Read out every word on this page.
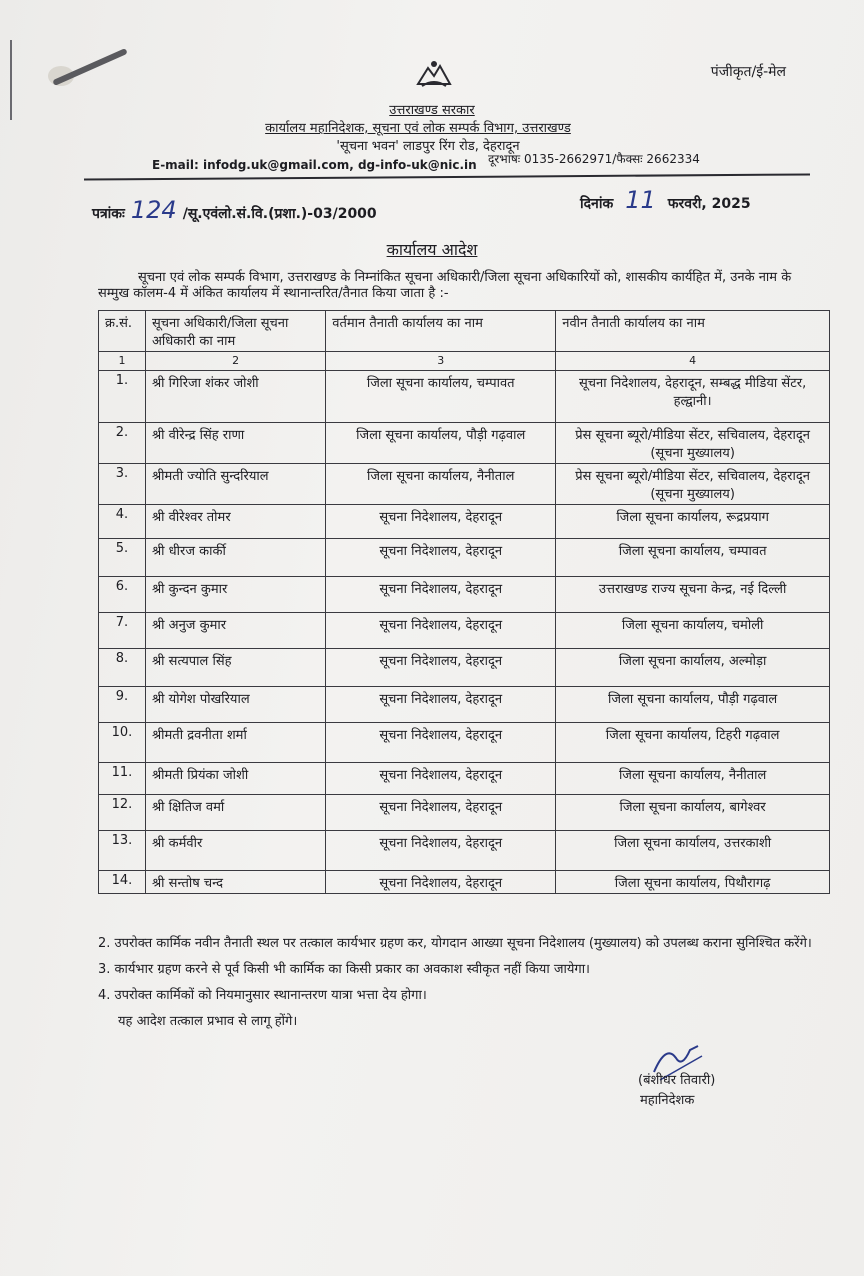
पंजीकृत/ई-मेल
उत्तराखण्ड सरकार
कार्यालय महानिदेशक, सूचना एवं लोक सम्पर्क विभाग, उत्तराखण्ड
'सूचना भवन' लाडपुर रिंग रोड, देहरादून
E-mail: infodg.uk@gmail.com, dg-info-uk@nic.in दूरभाषः 0135-2662971/फैक्सः 2662334
पत्रांकः 124 /सू.एवंलो.सं.वि.(प्रशा.)-03/2000
दिनांक 11 फरवरी, 2025
कार्यालय आदेश
सूचना एवं लोक सम्पर्क विभाग, उत्तराखण्ड के निम्नांकित सूचना अधिकारी/जिला सूचना अधिकारियों को, शासकीय कार्यहित में, उनके नाम के सम्मुख कॉलम-4 में अंकित कार्यालय में स्थानान्तरित/तैनात किया जाता है :-
क्र.सं.	सूचना अधिकारी/जिला सूचना अधिकारी का नाम	वर्तमान तैनाती कार्यालय का नाम	नवीन तैनाती कार्यालय का नाम
1	2	3	4
1.	श्री गिरिजा शंकर जोशी	जिला सूचना कार्यालय, चम्पावत	सूचना निदेशालय, देहरादून, सम्बद्ध मीडिया सेंटर, हल्द्वानी।
2.	श्री वीरेन्द्र सिंह राणा	जिला सूचना कार्यालय, पौड़ी गढ़वाल	प्रेस सूचना ब्यूरो/मीडिया सेंटर, सचिवालय, देहरादून (सूचना मुख्यालय)
3.	श्रीमती ज्योति सुन्दरियाल	जिला सूचना कार्यालय, नैनीताल	प्रेस सूचना ब्यूरो/मीडिया सेंटर, सचिवालय, देहरादून (सूचना मुख्यालय)
4.	श्री वीरेश्वर तोमर	सूचना निदेशालय, देहरादून	जिला सूचना कार्यालय, रूद्रप्रयाग
5.	श्री धीरज कार्की	सूचना निदेशालय, देहरादून	जिला सूचना कार्यालय, चम्पावत
6.	श्री कुन्दन कुमार	सूचना निदेशालय, देहरादून	उत्तराखण्ड राज्य सूचना केन्द्र, नई दिल्ली
7.	श्री अनुज कुमार	सूचना निदेशालय, देहरादून	जिला सूचना कार्यालय, चमोली
8.	श्री सत्यपाल सिंह	सूचना निदेशालय, देहरादून	जिला सूचना कार्यालय, अल्मोड़ा
9.	श्री योगेश पोखरियाल	सूचना निदेशालय, देहरादून	जिला सूचना कार्यालय, पौड़ी गढ़वाल
10.	श्रीमती द्रवनीता शर्मा	सूचना निदेशालय, देहरादून	जिला सूचना कार्यालय, टिहरी गढ़वाल
11.	श्रीमती प्रियंका जोशी	सूचना निदेशालय, देहरादून	जिला सूचना कार्यालय, नैनीताल
12.	श्री क्षितिज वर्मा	सूचना निदेशालय, देहरादून	जिला सूचना कार्यालय, बागेश्वर
13.	श्री कर्मवीर	सूचना निदेशालय, देहरादून	जिला सूचना कार्यालय, उत्तरकाशी
14.	श्री सन्तोष चन्द	सूचना निदेशालय, देहरादून	जिला सूचना कार्यालय, पिथौरागढ़

2. उपरोक्त कार्मिक नवीन तैनाती स्थल पर तत्काल कार्यभार ग्रहण कर, योगदान आख्या सूचना निदेशालय (मुख्यालय) को उपलब्ध कराना सुनिश्चित करेंगे।

3. कार्यभार ग्रहण करने से पूर्व किसी भी कार्मिक का किसी प्रकार का अवकाश स्वीकृत नहीं किया जायेगा।

4. उपरोक्त कार्मिकों को नियमानुसार स्थानान्तरण यात्रा भत्ता देय होगा।

यह आदेश तत्काल प्रभाव से लागू होंगे।

(बंशीधर तिवारी)
महानिदेशक
